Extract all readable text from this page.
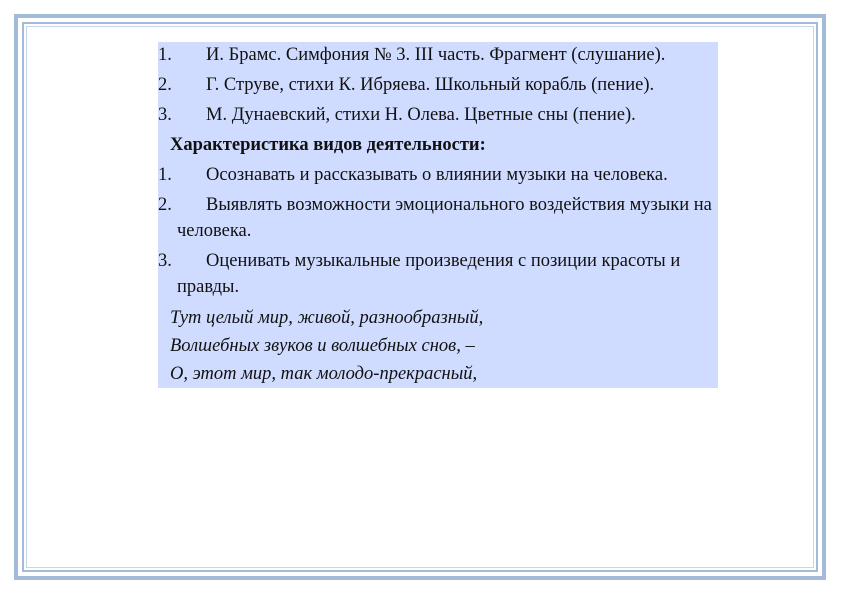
1.	И. Брамс. Симфония № 3. III часть. Фрагмент (слушание).
2.	Г. Струве, стихи К. Ибряева. Школьный корабль (пение).
3.	М. Дунаевский, стихи Н. Олева. Цветные сны (пение).
Характеристика видов деятельности:
1.	Осознавать и рассказывать о влиянии музыки на человека.
2.	Выявлять возможности эмоционального воздействия музыки на человека.
3.	Оценивать музыкальные произведения с позиции красоты и правды.
Тут целый мир, живой, разнообразный,
Волшебных звуков и волшебных снов, –
О, этот мир, так молодо-прекрасный,
